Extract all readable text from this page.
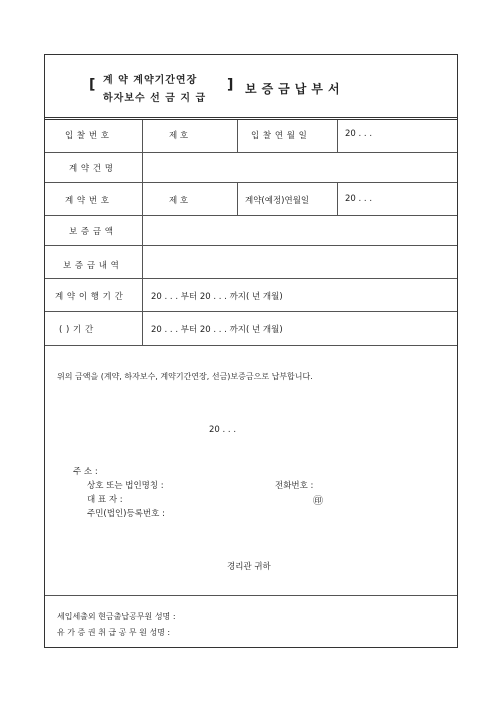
[ 계 약 계약기간연장
하자보수 선 금 지 급
] 보증금납부서
입 찰 번 호	제 호	입 찰 연 월 일	20 . . .
계 약 건 명
계 약 번 호	제 호	계약(예정)연월일	20 . . .
보 증 금 액
보 증 금 내 역
계 약 이 행 기 간	20 . . . 부터 20 . . . 까지( 년 개월)
( ) 기 간	20 . . . 부터 20 . . . 까지( 년 개월)
위의 금액을 (계약, 하자보수, 계약기간연장, 선금)보증금으로 납부합니다.
20 . . .
주 소 :
상호 또는 법인명칭 :	전화번호 :
대 표 자 :	㊞
주민(법인)등록번호 :
경리관 귀하
세입세출외 현금출납공무원 성명 :
유 가 증 권 취 급 공 무 원 성명 :
